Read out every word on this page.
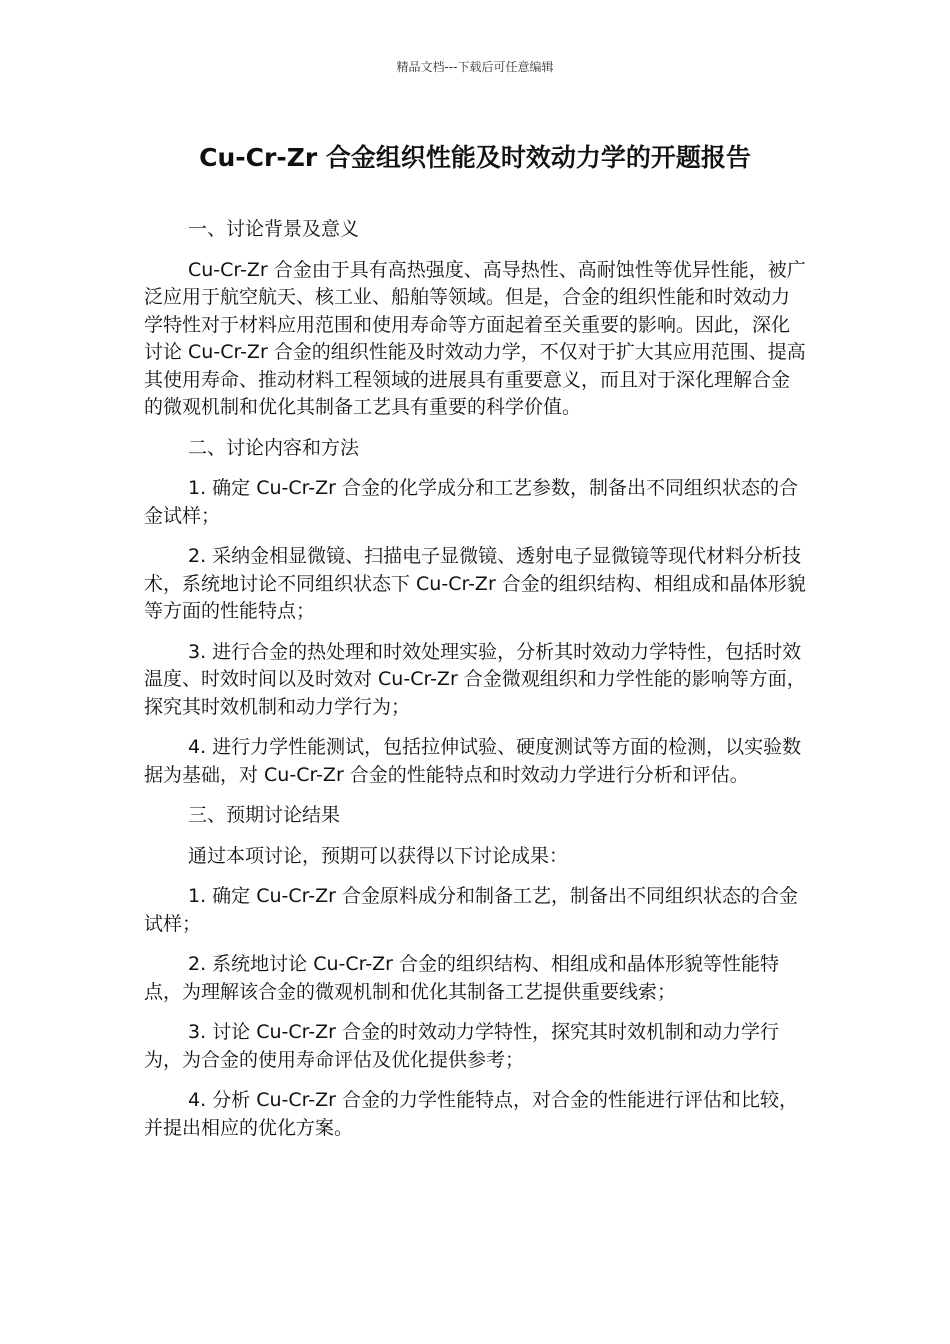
精品文档---下载后可任意编辑
Cu-Cr-Zr 合金组织性能及时效动力学的开题报告
一、讨论背景及意义

Cu-Cr-Zr 合金由于具有高热强度、高导热性、高耐蚀性等优异性能，被广泛应用于航空航天、核工业、船舶等领域。但是，合金的组织性能和时效动力学特性对于材料应用范围和使用寿命等方面起着至关重要的影响。因此，深化讨论 Cu-Cr-Zr 合金的组织性能及时效动力学，不仅对于扩大其应用范围、提高其使用寿命、推动材料工程领域的进展具有重要意义，而且对于深化理解合金的微观机制和优化其制备工艺具有重要的科学价值。

二、讨论内容和方法

1. 确定 Cu-Cr-Zr 合金的化学成分和工艺参数，制备出不同组织状态的合金试样；

2. 采纳金相显微镜、扫描电子显微镜、透射电子显微镜等现代材料分析技术，系统地讨论不同组织状态下 Cu-Cr-Zr 合金的组织结构、相组成和晶体形貌等方面的性能特点；

3. 进行合金的热处理和时效处理实验，分析其时效动力学特性，包括时效温度、时效时间以及时效对 Cu-Cr-Zr 合金微观组织和力学性能的影响等方面，探究其时效机制和动力学行为；

4. 进行力学性能测试，包括拉伸试验、硬度测试等方面的检测，以实验数据为基础，对 Cu-Cr-Zr 合金的性能特点和时效动力学进行分析和评估。

三、预期讨论结果

通过本项讨论，预期可以获得以下讨论成果：

1. 确定 Cu-Cr-Zr 合金原料成分和制备工艺，制备出不同组织状态的合金试样；

2. 系统地讨论 Cu-Cr-Zr 合金的组织结构、相组成和晶体形貌等性能特点，为理解该合金的微观机制和优化其制备工艺提供重要线索；

3. 讨论 Cu-Cr-Zr 合金的时效动力学特性，探究其时效机制和动力学行为，为合金的使用寿命评估及优化提供参考；

4. 分析 Cu-Cr-Zr 合金的力学性能特点，对合金的性能进行评估和比较，并提出相应的优化方案。
